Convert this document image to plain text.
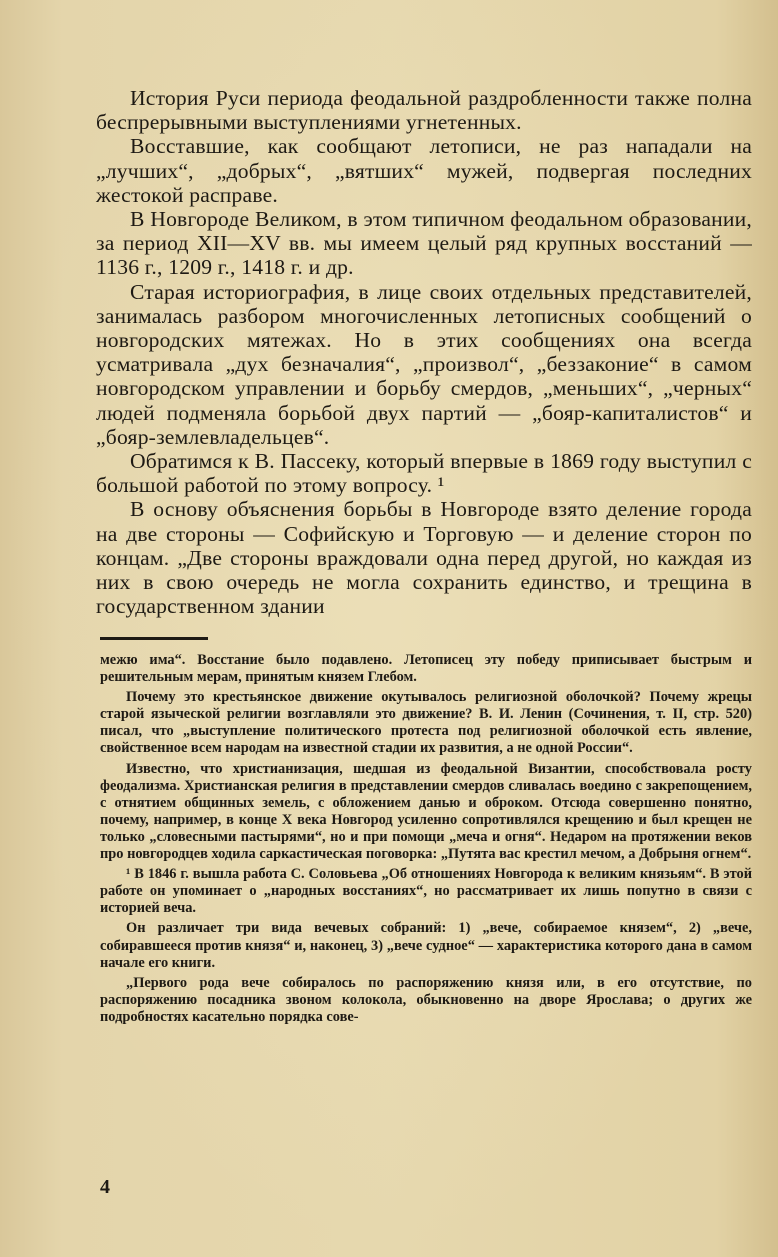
История Руси периода феодальной раздробленности также полна беспрерывными выступлениями угнетенных.

Восставшие, как сообщают летописи, не раз нападали на „лучших“, „добрых“, „вятших“ мужей, подвергая последних жестокой расправе.

В Новгороде Великом, в этом типичном феодальном образовании, за период XII—XV вв. мы имеем целый ряд крупных восстаний — 1136 г., 1209 г., 1418 г. и др.

Старая историография, в лице своих отдельных представителей, занималась разбором многочисленных летописных сообщений о новгородских мятежах. Но в этих сообщениях она всегда усматривала „дух безначалия“, „произвол“, „беззаконие“ в самом новгородском управлении и борьбу смердов, „меньших“, „черных“ людей подменяла борьбой двух партий — „бояр-капиталистов“ и „бояр-землевладельцев“.

Обратимся к В. Пассеку, который впервые в 1869 году выступил с большой работой по этому вопросу. ¹

В основу объяснения борьбы в Новгороде взято деление города на две стороны — Софийскую и Торговую — и деление сторон по концам. „Две стороны враждовали одна перед другой, но каждая из них в свою очередь не могла сохранить единство, и трещина в государственном здании

межю има“. Восстание было подавлено. Летописец эту победу приписывает быстрым и решительным мерам, принятым князем Глебом.

Почему это крестьянское движение окутывалось религиозной оболочкой? Почему жрецы старой языческой религии возглавляли это движение? В. И. Ленин (Сочинения, т. II, стр. 520) писал, что „выступление политического протеста под религиозной оболочкой есть явление, свойственное всем народам на известной стадии их развития, а не одной России“.

Известно, что христианизация, шедшая из феодальной Византии, способствовала росту феодализма. Христианская религия в представлении смердов сливалась воедино с закрепощением, с отнятием общинных земель, с обложением данью и оброком. Отсюда совершенно понятно, почему, например, в конце X века Новгород усиленно сопротивлялся крещению и был крещен не только „словесными пастырями“, но и при помощи „меча и огня“. Недаром на протяжении веков про новгородцев ходила саркастическая поговорка: „Путята вас крестил мечом, а Добрыня огнем“.

¹ В 1846 г. вышла работа С. Соловьева „Об отношениях Новгорода к великим князьям“. В этой работе он упоминает о „народных восстаниях“, но рассматривает их лишь попутно в связи с историей веча.

Он различает три вида вечевых собраний: 1) „вече, собираемое князем“, 2) „вече, собиравшееся против князя“ и, наконец, 3) „вече судное“ — характеристика которого дана в самом начале его книги.

„Первого рода вече собиралось по распоряжению князя или, в его отсутствие, по распоряжению посадника звоном колокола, обыкновенно на дворе Ярослава; о других же подробностях касательно порядка сове-

4
